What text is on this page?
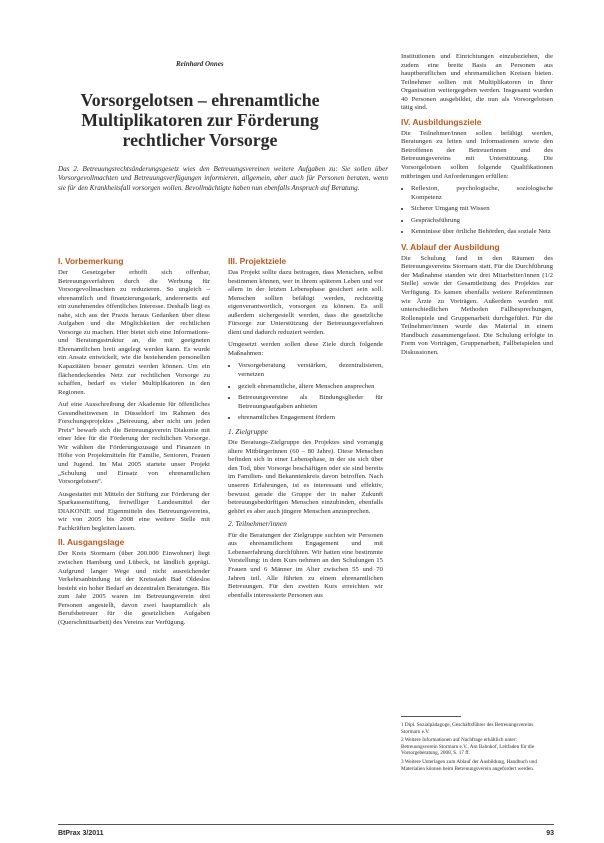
Reinhard Onnes
Vorsorgelotsen – ehrenamtliche Multiplikatoren zur Förderung rechtlicher Vorsorge
Das 2. Betreuungsrechtsänderungsgesetz wies den Betreuungsvereinen weitere Aufgaben zu: Sie sollen über Vorsorgevollmachten und Betreuungsverfügungen informieren, allgemein, aber auch für Personen beraten, wenn sie für den Krankheitsfall vorsorgen wollen. Bevollmächtigte haben nun ebenfalls Anspruch auf Beratung.
I. Vorbemerkung

Der Gesetzgeber erhofft sich offenbar, Betreuungsverfahren durch die Werbung für Vorsorgevollmachten zu reduzieren. So ungleich – ehrenamtlich und finanzierungsstark, andererseits auf ein zunehmendes öffentliches Interesse. Deshalb liegt es nahe, sich aus der Praxis heraus Gedanken über diese Aufgaben und die Möglichkeiten der rechtlichen Vorsorge zu machen. Hier bietet sich eine Informations- und Beratungsstruktur an, die mit geeigneten Ehrenamtlichen breit angelegt werden kann. Es wurde ein Ansatz entwickelt, wie die bestehenden personellen Kapazitäten besser genutzt werden können. Um ein flächendeckendes Netz zur rechtlichen Vorsorge zu schaffen, bedarf es vieler Multiplikatoren in den Regionen.

Auf eine Ausschreibung der Akademie für öffentliches Gesundheitswesen in Düsseldorf im Rahmen des Forschungsprojektes „Betreuung, aber nicht um jeden Preis“ bewarb sich die Betreuungsverein Diakonie mit einer Idee für die Förderung der rechtlichen Vorsorge. Wir wählten die Förderungszusage und Finanzen in Höhe von Projektmitteln für Familie, Senioren, Frauen und Jugend. Im Mai 2005 startete unser Projekt „Schulung und Einsatz von ehrenamtlichen Vorsorgelotsen“.

Ausgestattet mit Mitteln der Stiftung zur Förderung der Sparkassenstiftung, freiwilliger Landesmittel der DIAKONIE und Eigenmitteln des Betreuungsvereins, wir von 2005 bis 2008 eine weitere Stelle mit Fachkräften begleiten lassen.

II. Ausgangslage

Der Kreis Stormarn (über 200.000 Einwohner) liegt zwischen Hamburg und Lübeck, ist ländlich geprägt. Aufgrund langer Wege und nicht ausreichender Verkehrsanbindung ist der Kreisstadt Bad Oldesloe besteht ein hoher Bedarf an dezentralen Beratungen. Bis zum Jahr 2005 waren im Betreuungsverein drei Personen angestellt, davon zwei hauptamtlich als Berufsbetreuer für die gesetzlichen Aufgaben (Querschnittsarbeit) des Vereins zur Verfügung.

III. Projektziele

Das Projekt sollte dazu beitragen, dass Menschen, selbst bestimmen können, wer in ihrem späteren Leben und vor allem in der letzten Lebensphase gesichert sein soll. Menschen sollten befähigt werden, rechtzeitig eigenverantwortlich, vorsorgen zu können. Es soll außerdem sichergestellt werden, dass die gesetzliche Fürsorge zur Unterstützung der Betreuungsverfahren dient und dadurch reduziert werden.

Umgesetzt werden sollen diese Ziele durch folgende Maßnahmen:

• Vorsorgeberatung verstärken, dezentralisieren, vernetzen
• gezielt ehrenamtliche, ältere Menschen ansprechen
• Betreuungsvereine als Bindungsglieder für Betreuungsaufgaben anbieten
• ehrenamtliches Engagement fördern
1. Zielgruppe

Die Beratungs-Zielgruppe des Projektes sind vorrangig ältere Mitbürgerinnen (60 – 80 Jahre). Diese Menschen befinden sich in einer Lebensphase, in der sie sich über den Tod, über Vorsorge beschäftigen oder sie sind bereits im Familien- und Bekanntenkreis davon betroffen. Nach unseren Erfahrungen, ist es interessant und effektiv, bewusst gerade die Gruppe der in naher Zukunft betreuungsbedürftigen Menschen einzubinden, ebenfalls gehört es aber auch jüngere Menschen anzusprechen.

2. Teilnehmer/innen

Für die Beratungen der Zielgruppe suchten wir Personen aus ehrenamtlichem Engagement und mit Lebenserfahrung durchführen. Wir hatten eine bestimmte Vorstellung: in dem Kurs nehmen an den Schulungen 15 Frauen und 6 Männer im Alter zwischen 55 und 70 Jahren teil. Alle führten zu einem ehrenamtlichen Betreuungen. Für den zweiten Kurs erreichten wir ebenfalls interessierte Personen aus

Institutionen und Einrichtungen einzubeziehen, die zudem eine breite Basis an Personen aus hauptberuflichen und ehrenamtlichen Kreisen bieten. Teilnehmer sollten mit Multiplikatoren in Ihrer Organisation weitergegeben werden. Insgesamt wurden 40 Personen ausgebildet, die nun als Vorsorgelotsen tätig sind.

IV. Ausbildungsziele

Die Teilnehmer/innen sollen befähigt werden, Beratungen zu leiten und Informationen sowie den Betroffenen der Betreuerinnen und des Betreuungsvereins mit Unterstützung. Die Vorsorgelotsen sollten folgende Qualifikationen mitbringen und Anforderungen erfüllen:

• Reflexion, psychologische, soziologische Kompetenz
• Sicherer Umgang mit Wissen
• Gesprächsführung
• Kenntnisse über örtliche Behörden, das soziale Netz
V. Ablauf der Ausbildung

Die Schulung fand in den Räumen des Betreuungsvereins Stormarn statt. Für die Durchführung der Maßnahme standen wir drei Mitarbeiter/innen (1/2 Stelle) sowie der Gesamtleitung des Projektes zur Verfügung. Es kamen ebenfalls weitere Referentinnen wie Ärzte zu Vorträgen. Außerdem wurden mit unterschiedlichen Methoden Fallbesprechungen, Rollenspiele und Gruppenarbeit durchgeführt. Für die Teilnehmer/innen wurde das Material in einem Handbuch zusammengefasst. Die Schulung erfolgte in Form von Vorträgen, Gruppenarbeit, Fallbeispielen und Diskussionen.

1 Dipl. Sozialpädagoge, Geschäftsführer des Betreuungsvereins Stormarn e.V.

2 Weitere Informationen auf Nachfrage erhältlich unter: Betreuungsverein Stormarn e.V., Am Bahnhof, Leitfaden für die Vorsorgeberatung, 2008, S. 17 ff.

3 Weitere Unterlagen zum Ablauf der Ausbildung, Handbuch und Materialien können beim Betreuungsverein angefordert werden.

BtPrax 3/2011	93
